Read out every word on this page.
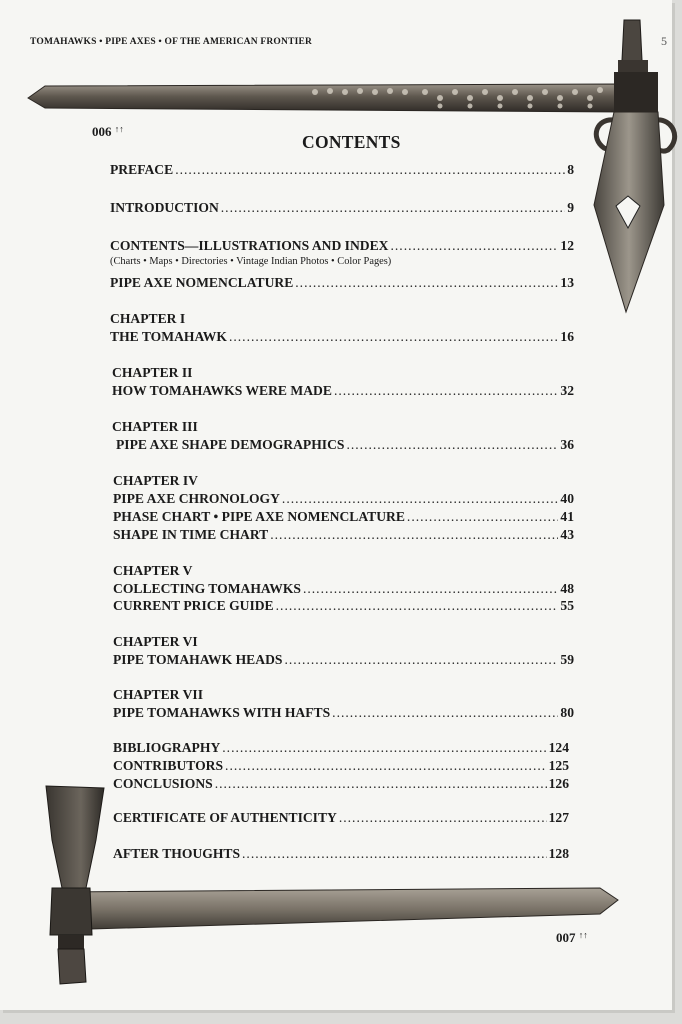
TOMAHAWKS • PIPE AXES • OF THE AMERICAN FRONTIER	5
006 ↑↑
CONTENTS
PREFACE .....	8
INTRODUCTION .....	9
CONTENTS—ILLUSTRATIONS AND INDEX .....	12
(Charts • Maps • Directories • Vintage Indian Photos • Color Pages)
PIPE AXE NOMENCLATURE .....	13
CHAPTER I
THE TOMAHAWK .....	16
CHAPTER II
HOW TOMAHAWKS WERE MADE .....	32
CHAPTER III
PIPE AXE SHAPE DEMOGRAPHICS .....	36
CHAPTER IV
PIPE AXE CHRONOLOGY .....	40
PHASE CHART • PIPE AXE NOMENCLATURE .....	41
SHAPE IN TIME CHART .....	43
CHAPTER V
COLLECTING TOMAHAWKS .....	48
CURRENT PRICE GUIDE .....	55
CHAPTER VI
PIPE TOMAHAWK HEADS .....	59
CHAPTER VII
PIPE TOMAHAWKS WITH HAFTS .....	80
BIBLIOGRAPHY .....	124
CONTRIBUTORS .....	125
CONCLUSIONS .....	126
CERTIFICATE OF AUTHENTICITY .....	127
AFTER THOUGHTS .....	128
007 ↑↑
